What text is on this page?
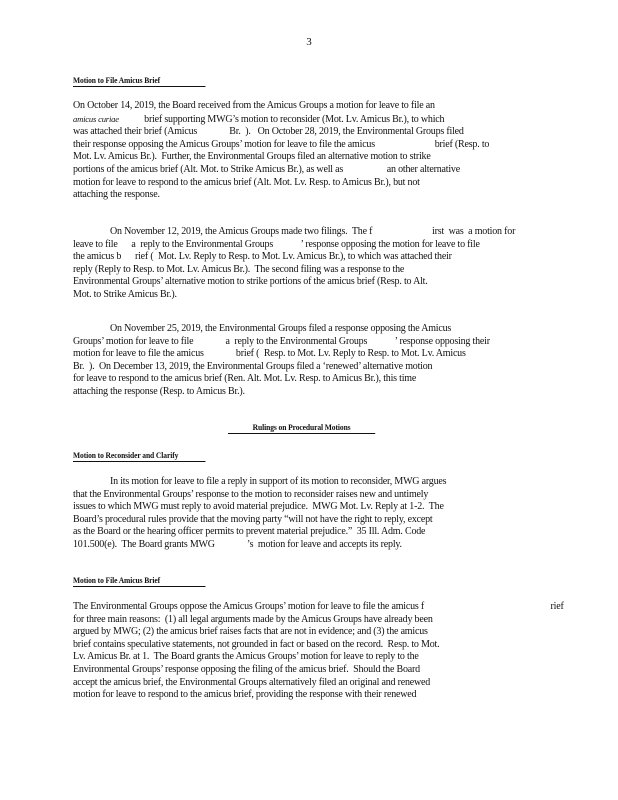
3
Motion to File Amicus Brief
On October 14, 2019, the Board received from the Amicus Groups a motion for leave to file an
amicus curiae           brief supporting MWG’s motion to reconsider (Mot. Lv. Amicus Br.), to which
was attached their brief (Amicus              Br.  ).   On October 28, 2019, the Environmental Groups filed
their response opposing the Amicus Groups’ motion for leave to file the amicus                          brief (Resp. to
Mot. Lv. Amicus Br.).  Further, the Environmental Groups filed an alternative motion to strike
portions of the amicus brief (Alt. Mot. to Strike Amicus Br.), as well as                   an other alternative
motion for leave to respond to the amicus brief (Alt. Mot. Lv. Resp. to Amicus Br.), but not
attaching the response.
On November 12, 2019, the Amicus Groups made two filings.  The f                          irst  was  a motion for
leave to file      a  reply to the Environmental Groups            ’ response opposing the motion for leave to file
the amicus b      rief (  Mot. Lv. Reply to Resp. to Mot. Lv. Amicus Br.), to which was attached their
reply (Reply to Resp. to Mot. Lv. Amicus Br.).  The second filing was a response to the
Environmental Groups’ alternative motion to strike portions of the amicus brief (Resp. to Alt.
Mot. to Strike Amicus Br.).
On November 25, 2019, the Environmental Groups filed a response opposing the Amicus
Groups’ motion for leave to file              a  reply to the Environmental Groups            ’ response opposing their
motion for leave to file the amicus              brief (  Resp. to Mot. Lv. Reply to Resp. to Mot. Lv. Amicus
Br.  ).  On December 13, 2019, the Environmental Groups filed a ‘renewed’ alternative motion
for leave to respond to the amicus brief (Ren. Alt. Mot. Lv. Resp. to Amicus Br.), this time
attaching the response (Resp. to Amicus Br.).
Rulings on Procedural Motions
Motion to Reconsider and Clarify
In its motion for leave to file a reply in support of its motion to reconsider, MWG argues
that the Environmental Groups’ response to the motion to reconsider raises new and untimely
issues to which MWG must reply to avoid material prejudice.  MWG Mot. Lv. Reply at 1-2.  The
Board’s procedural rules provide that the moving party “will not have the right to reply, except
as the Board or the hearing officer permits to prevent material prejudice.”  35 Ill. Adm. Code
101.500(e).  The Board grants MWG              ’s  motion for leave and accepts its reply.
Motion to File Amicus Brief
The Environmental Groups oppose the Amicus Groups’ motion for leave to file the amicus f                                                       rief
for three main reasons:  (1) all legal arguments made by the Amicus Groups have already been
argued by MWG; (2) the amicus brief raises facts that are not in evidence; and (3) the amicus
brief contains speculative statements, not grounded in fact or based on the record.  Resp. to Mot.
Lv. Amicus Br. at 1.  The Board grants the Amicus Groups’ motion for leave to reply to the
Environmental Groups’ response opposing the filing of the amicus brief.  Should the Board
accept the amicus brief, the Environmental Groups alternatively filed an original and renewed
motion for leave to respond to the amicus brief, providing the response with their renewed
